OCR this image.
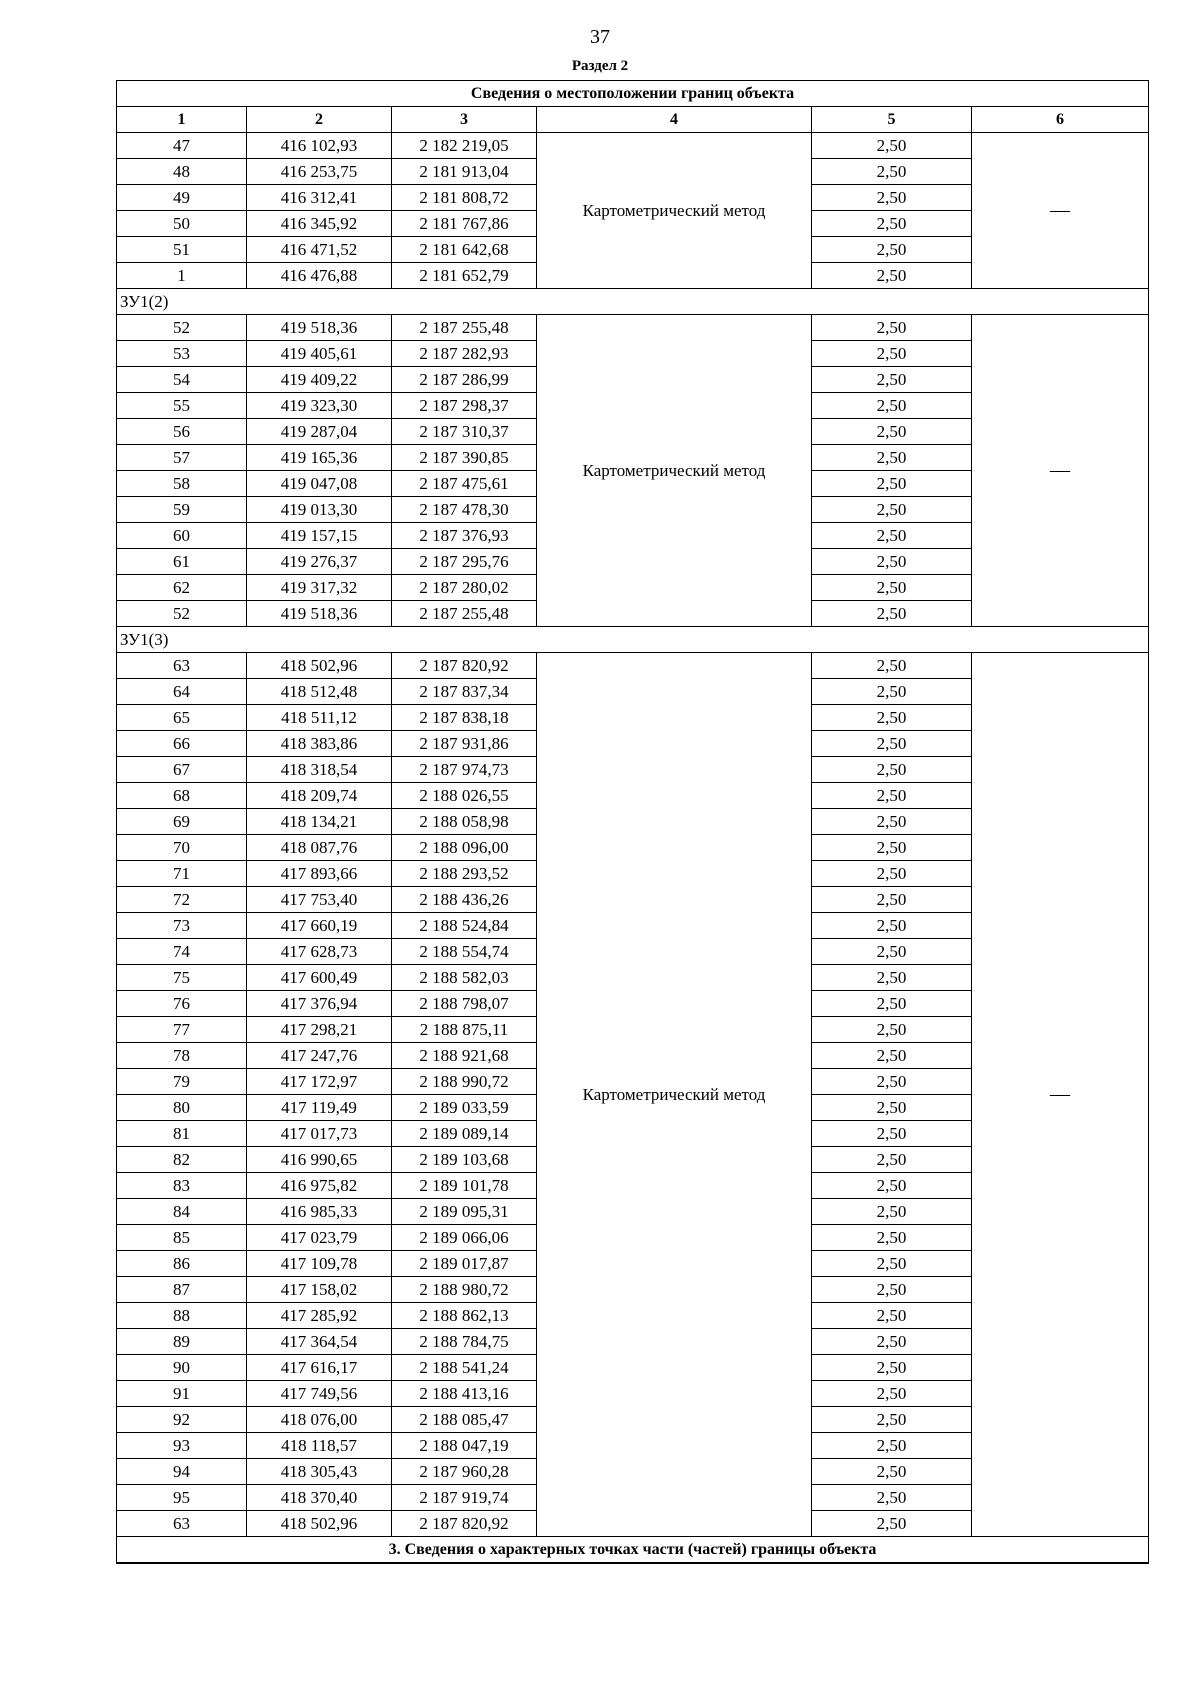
37
Раздел 2
Сведения о местоположении границ объекта					
1	2	3	4	5	6
47	416 102,93	2 182 219,05	Картометрический метод	2,50	—
48	416 253,75	2 181 913,04		2,50	
49	416 312,41	2 181 808,72		2,50	
50	416 345,92	2 181 767,86		2,50	
51	416 471,52	2 181 642,68		2,50	
1	416 476,88	2 181 652,79		2,50	
ЗУ1(2)					
52	419 518,36	2 187 255,48	Картометрический метод	2,50	—
53	419 405,61	2 187 282,93		2,50	
54	419 409,22	2 187 286,99		2,50	
55	419 323,30	2 187 298,37		2,50	
56	419 287,04	2 187 310,37		2,50	
57	419 165,36	2 187 390,85		2,50	
58	419 047,08	2 187 475,61		2,50	
59	419 013,30	2 187 478,30		2,50	
60	419 157,15	2 187 376,93		2,50	
61	419 276,37	2 187 295,76		2,50	
62	419 317,32	2 187 280,02		2,50	
52	419 518,36	2 187 255,48		2,50	
ЗУ1(3)					
63	418 502,96	2 187 820,92	Картометрический метод	2,50	—
64	418 512,48	2 187 837,34		2,50	
65	418 511,12	2 187 838,18		2,50	
66	418 383,86	2 187 931,86		2,50	
67	418 318,54	2 187 974,73		2,50	
68	418 209,74	2 188 026,55		2,50	
69	418 134,21	2 188 058,98		2,50	
70	418 087,76	2 188 096,00		2,50	
71	417 893,66	2 188 293,52		2,50	
72	417 753,40	2 188 436,26		2,50	
73	417 660,19	2 188 524,84		2,50	
74	417 628,73	2 188 554,74		2,50	
75	417 600,49	2 188 582,03		2,50	
76	417 376,94	2 188 798,07		2,50	
77	417 298,21	2 188 875,11		2,50	
78	417 247,76	2 188 921,68		2,50	
79	417 172,97	2 188 990,72		2,50	
80	417 119,49	2 189 033,59		2,50	
81	417 017,73	2 189 089,14		2,50	
82	416 990,65	2 189 103,68		2,50	
83	416 975,82	2 189 101,78		2,50	
84	416 985,33	2 189 095,31		2,50	
85	417 023,79	2 189 066,06		2,50	
86	417 109,78	2 189 017,87		2,50	
87	417 158,02	2 188 980,72		2,50	
88	417 285,92	2 188 862,13		2,50	
89	417 364,54	2 188 784,75		2,50	
90	417 616,17	2 188 541,24		2,50	
91	417 749,56	2 188 413,16		2,50	
92	418 076,00	2 188 085,47		2,50	
93	418 118,57	2 188 047,19		2,50	
94	418 305,43	2 187 960,28		2,50	
95	418 370,40	2 187 919,74		2,50	
63	418 502,96	2 187 820,92		2,50	
3. Сведения о характерных точках части (частей) границы объекта					
